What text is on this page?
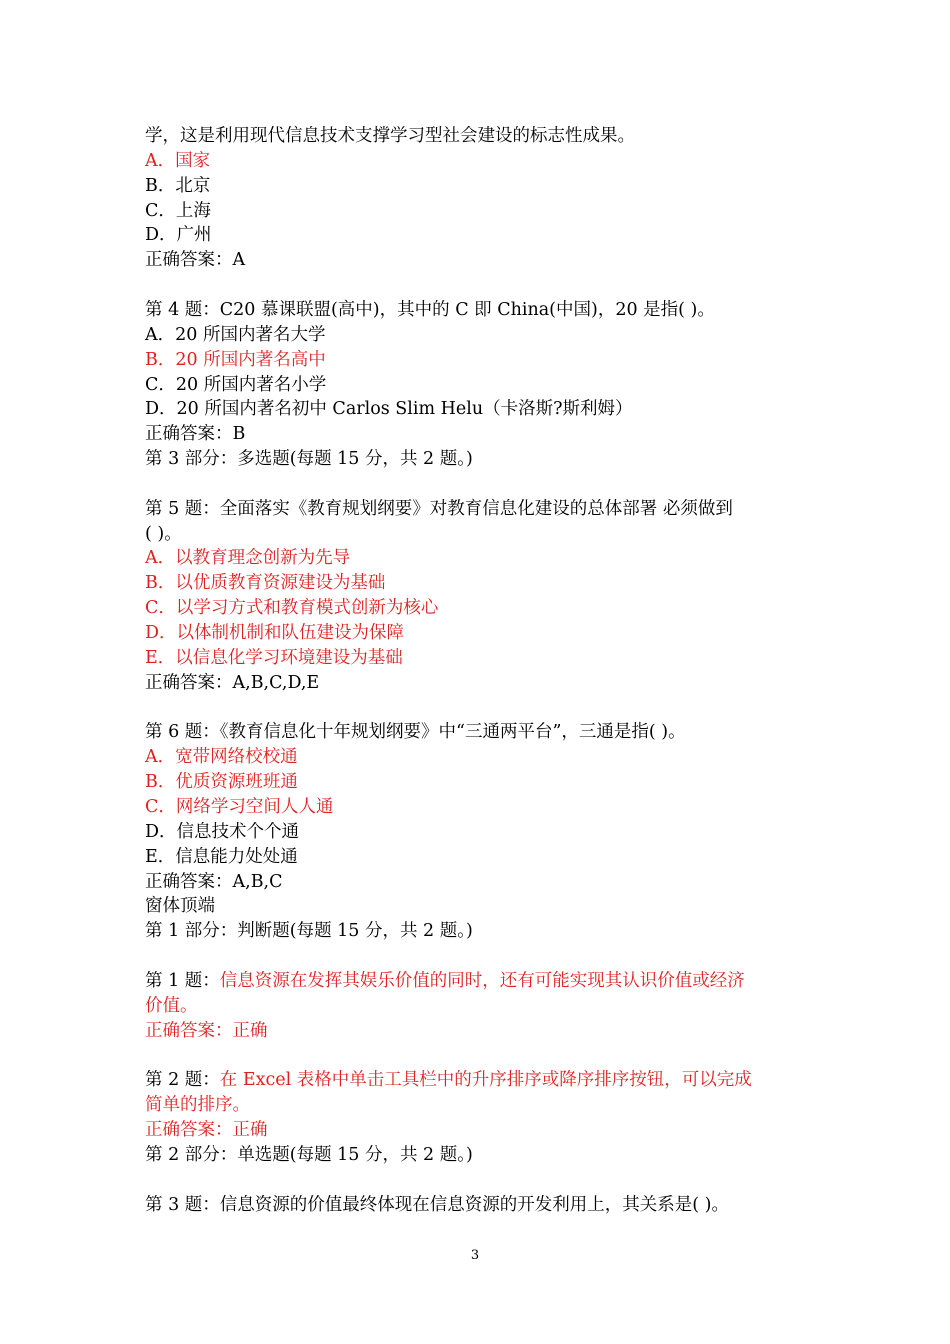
3
学，这是利用现代信息技术支撑学习型社会建设的标志性成果。
A．国家
B．北京
C．上海
D．广州
正确答案：A
第 4 题：C20 慕课联盟(高中)，其中的 C 即 China(中国)，20 是指( )。
A．20 所国内著名大学
B．20 所国内著名高中
C．20 所国内著名小学
D．20 所国内著名初中 Carlos Slim Helu（卡洛斯?斯利姆）
正确答案：B
第 3 部分：多选题(每题 15 分，共 2 题。)
第 5 题：全面落实《教育规划纲要》对教育信息化建设的总体部署 必须做到
( )。
A．以教育理念创新为先导
B．以优质教育资源建设为基础
C．以学习方式和教育模式创新为核心
D．以体制机制和队伍建设为保障
E．以信息化学习环境建设为基础
正确答案：A,B,C,D,E
第 6 题：《教育信息化十年规划纲要》中“三通两平台”，三通是指( )。
A．宽带网络校校通
B．优质资源班班通
C．网络学习空间人人通
D．信息技术个个通
E．信息能力处处通
正确答案：A,B,C
窗体顶端
第 1 部分：判断题(每题 15 分，共 2 题。)
第 1 题：信息资源在发挥其娱乐价值的同时，还有可能实现其认识价值或经济
价值。
正确答案：正确
第 2 题：在 Excel 表格中单击工具栏中的升序排序或降序排序按钮，可以完成
简单的排序。
正确答案：正确
第 2 部分：单选题(每题 15 分，共 2 题。)
第 3 题：信息资源的价值最终体现在信息资源的开发利用上，其关系是( )。
